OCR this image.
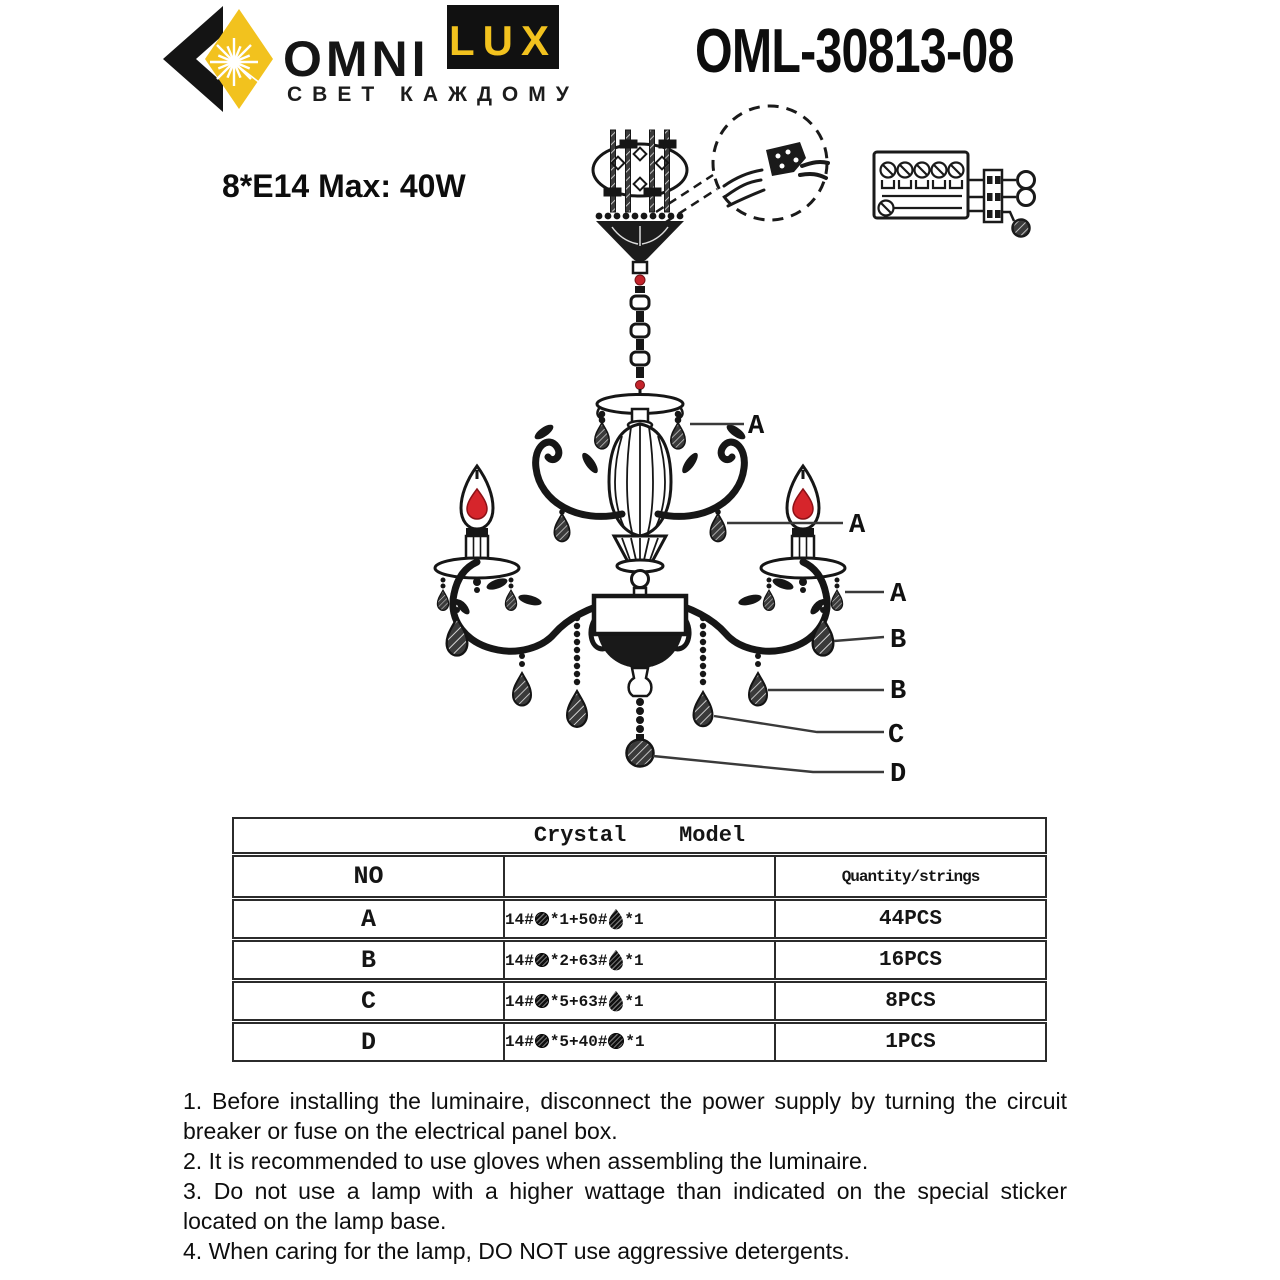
OMNI LUX
СВЕТ КАЖДОМУ
OML-30813-08
8*E14 Max: 40W
A
A
A
B
B
C
D
Crystal    Model		
NO		Quantity/strings
A	14# *1+50# *1	44PCS
B	14# *2+63# *1	16PCS
C	14# *5+63# *1	8PCS
D	14# *5+40# *1	1PCS

1. Before installing the luminaire, disconnect the power supply by turning the circuit breaker or fuse on the electrical panel box.

2. It is recommended to use gloves when assembling the luminaire.

3. Do not use a lamp with a higher wattage than indicated on the special sticker located on the lamp base.

4. When caring for the lamp, DO NOT use aggressive detergents.
